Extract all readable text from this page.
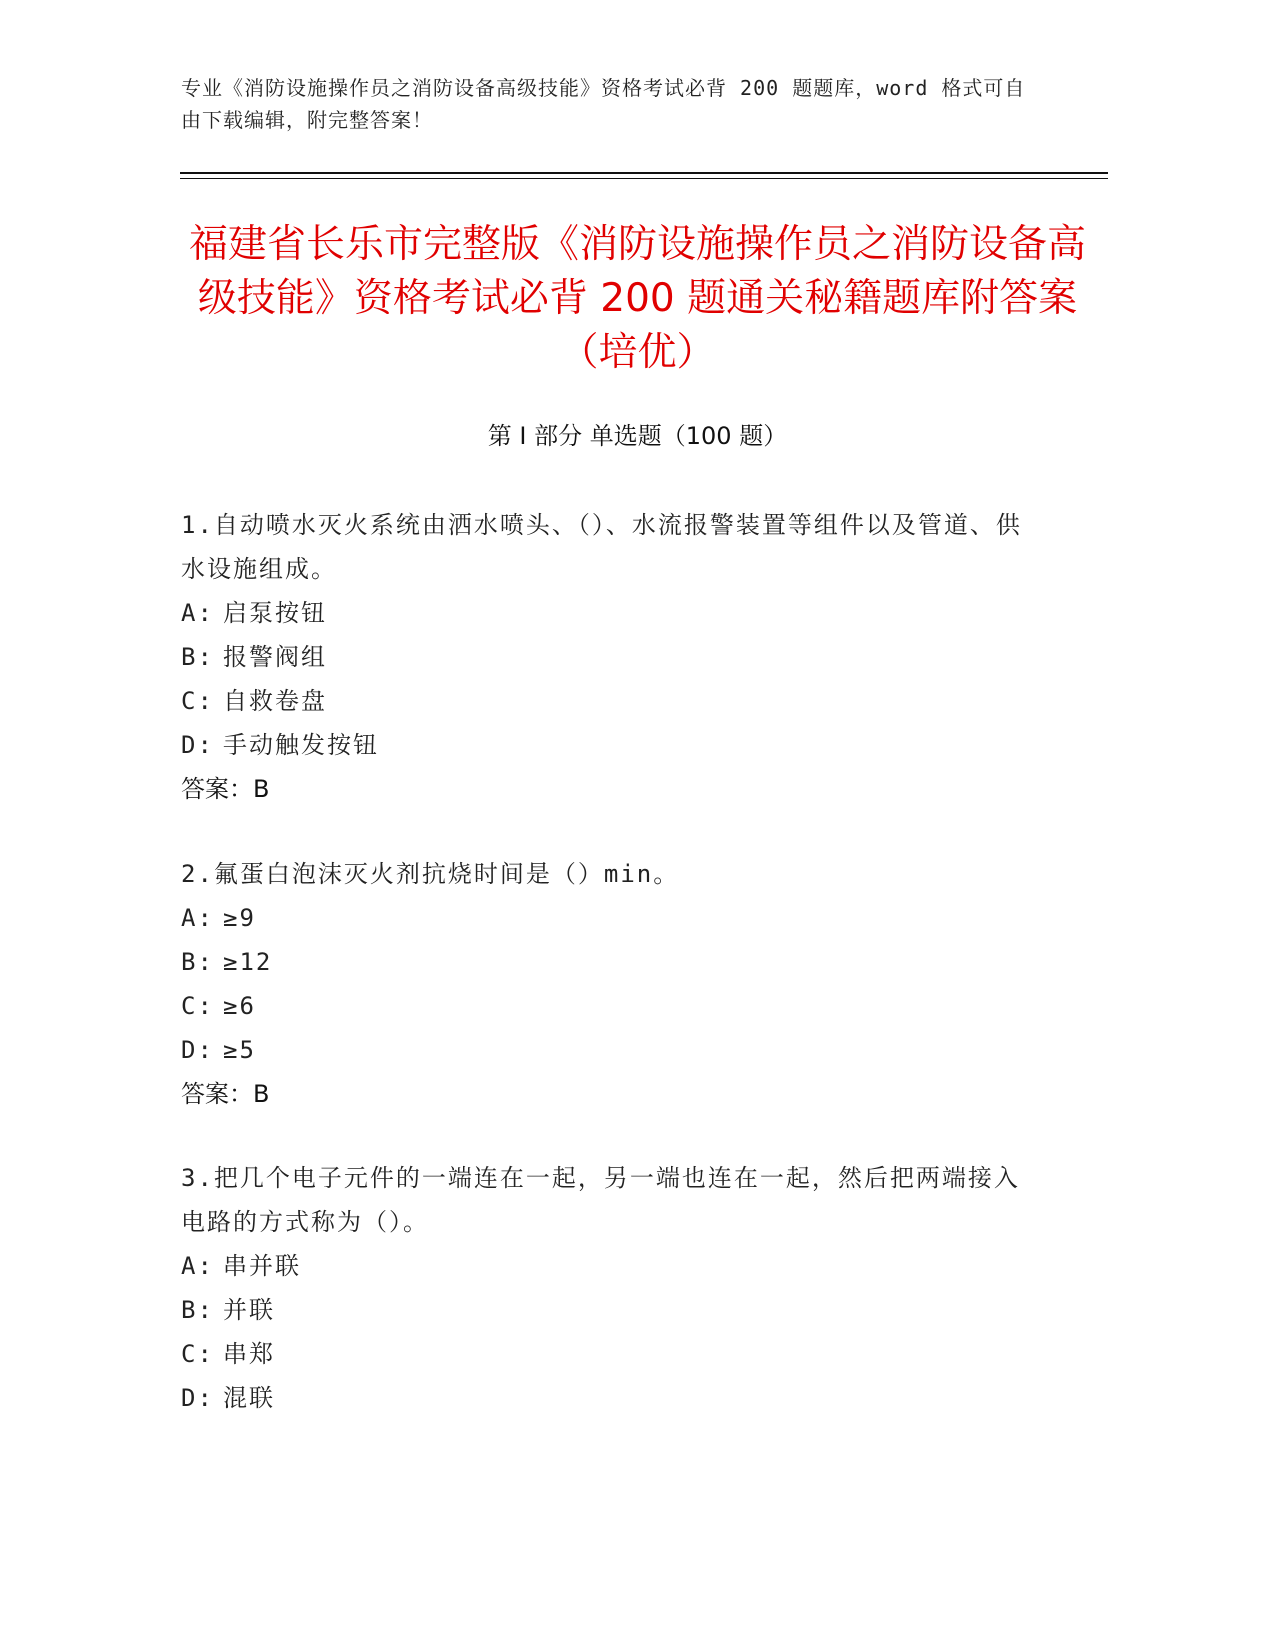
专业《消防设施操作员之消防设备高级技能》资格考试必背 200 题题库，word 格式可自由下载编辑，附完整答案！
福建省长乐市完整版《消防设施操作员之消防设备高级技能》资格考试必背 200 题通关秘籍题库附答案（培优）
第 I 部分 单选题（100 题）

1.自动喷水灭火系统由洒水喷头、（）、水流报警装置等组件以及管道、供水设施组成。

A: 启泵按钮

B: 报警阀组

C: 自救卷盘

D: 手动触发按钮

答案：B

2.氟蛋白泡沫灭火剂抗烧时间是（）min。

A: ≥9

B: ≥12

C: ≥6

D: ≥5

答案：B

3.把几个电子元件的一端连在一起，另一端也连在一起，然后把两端接入电路的方式称为（）。

A: 串并联

B: 并联

C: 串郑

D: 混联
